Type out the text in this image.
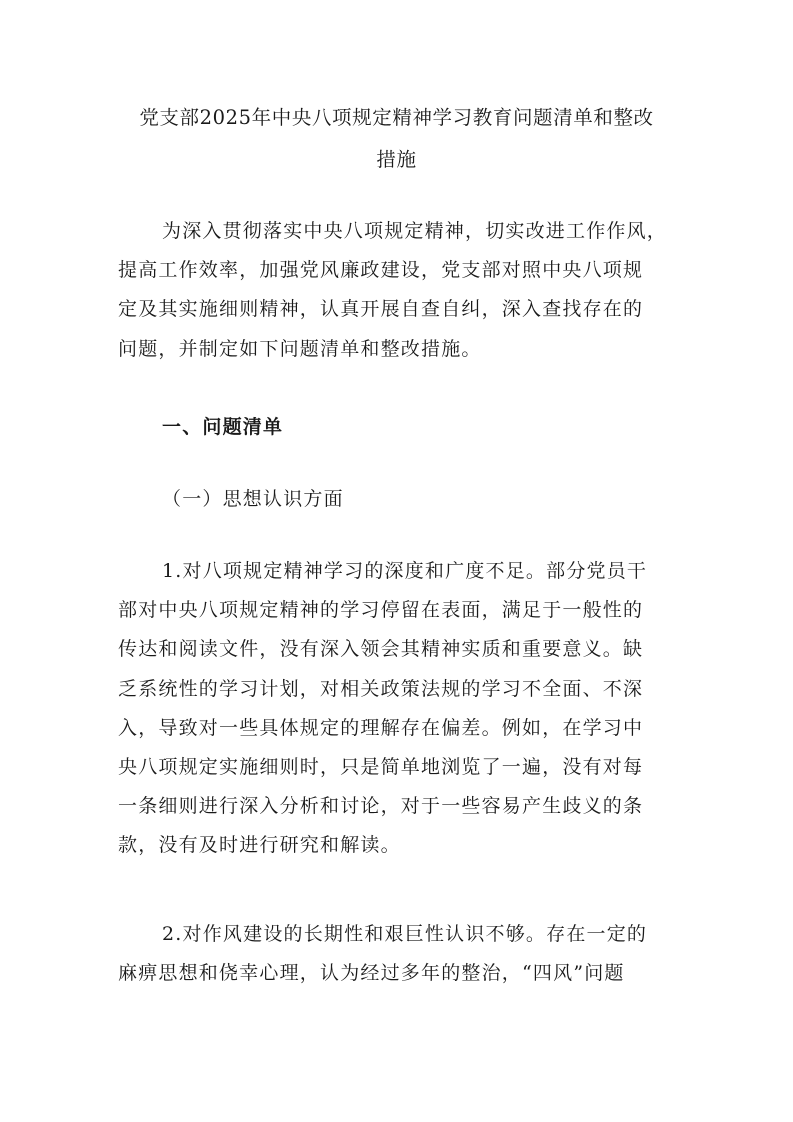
党支部2025年中央八项规定精神学习教育问题清单和整改
措施
为深入贯彻落实中央八项规定精神，切实改进工作作风，
提高工作效率，加强党风廉政建设，党支部对照中央八项规
定及其实施细则精神，认真开展自查自纠，深入查找存在的
问题，并制定如下问题清单和整改措施。
一、问题清单
（一）思想认识方面
1.对八项规定精神学习的深度和广度不足。部分党员干
部对中央八项规定精神的学习停留在表面，满足于一般性的
传达和阅读文件，没有深入领会其精神实质和重要意义。缺
乏系统性的学习计划，对相关政策法规的学习不全面、不深
入，导致对一些具体规定的理解存在偏差。例如，在学习中
央八项规定实施细则时，只是简单地浏览了一遍，没有对每
一条细则进行深入分析和讨论，对于一些容易产生歧义的条
款，没有及时进行研究和解读。
2.对作风建设的长期性和艰巨性认识不够。存在一定的
麻痹思想和侥幸心理，认为经过多年的整治，“四风”问题
